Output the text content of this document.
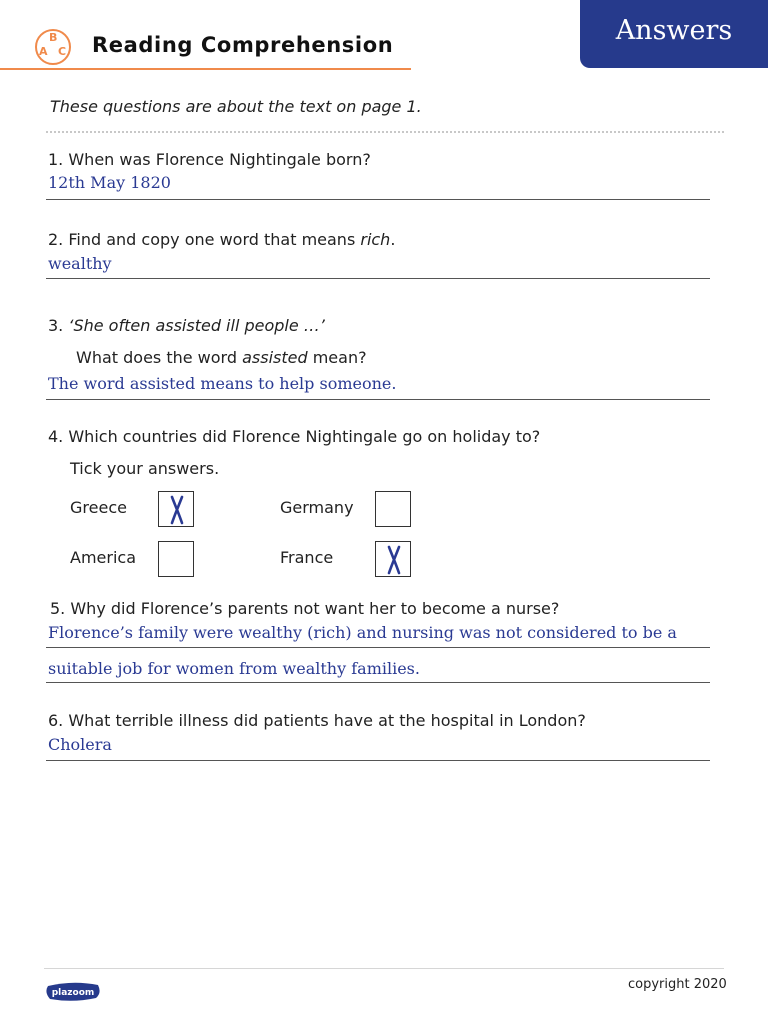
A
B
C Reading Comprehension	Answers
These questions are about the text on page 1.
1. When was Florence Nightingale born?
12th May 1820
2. Find and copy one word that means rich.
wealthy
3. ‘She often assisted ill people …’
What does the word assisted mean?
The word assisted means to help someone.
4. Which countries did Florence Nightingale go on holiday to?
Tick your answers.
Greece	Germany
America	France
5. Why did Florence’s parents not want her to become a nurse?
Florence’s family were wealthy (rich) and nursing was not considered to be a
suitable job for women from wealthy families.
6. What terrible illness did patients have at the hospital in London?
Cholera
plazoom
copyright 2020
